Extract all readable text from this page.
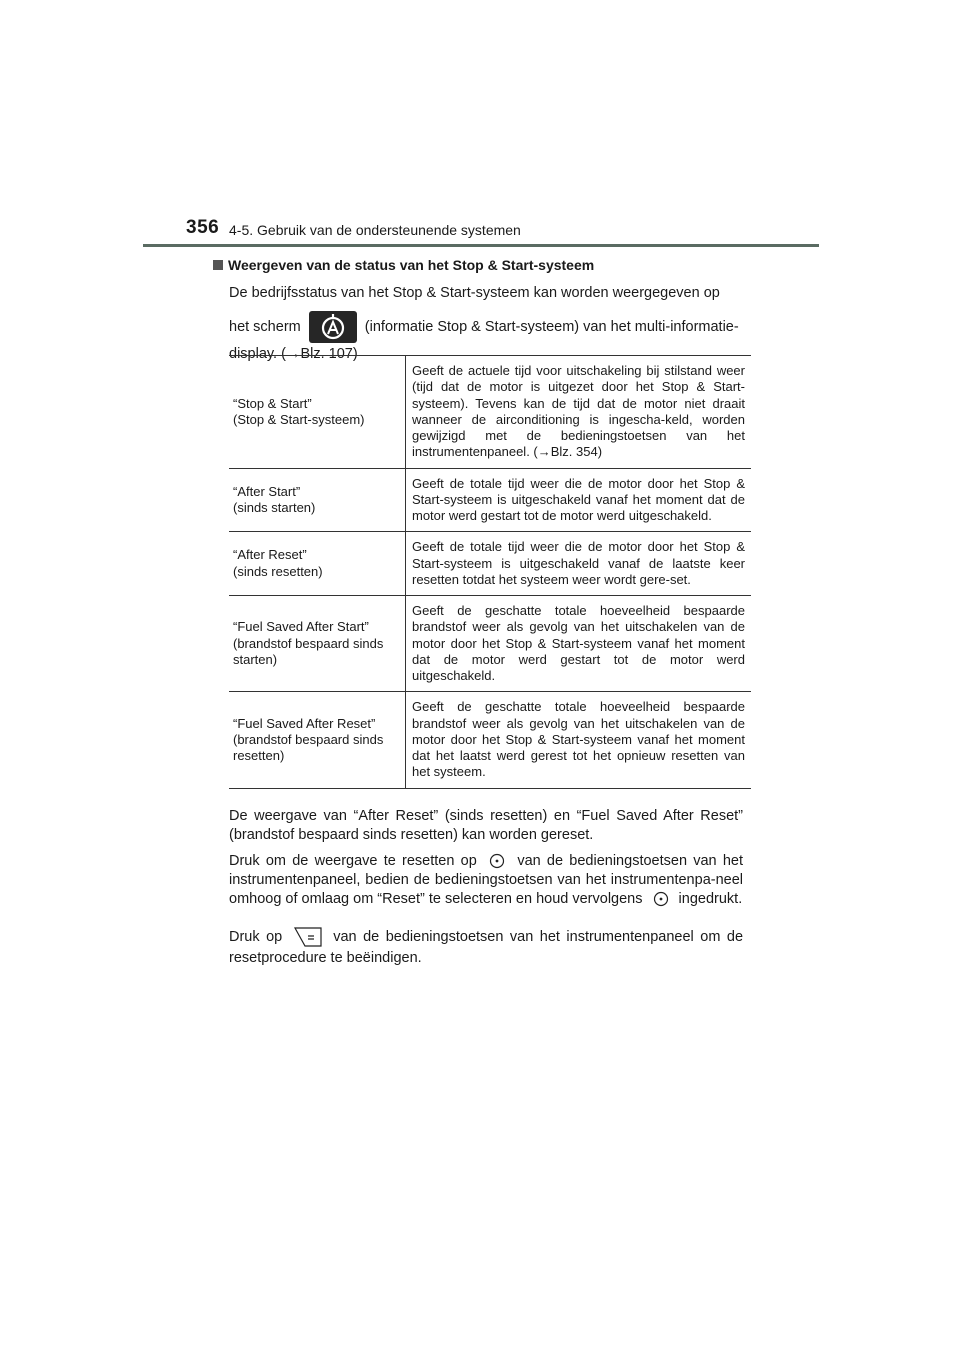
356 4-5. Gebruik van de ondersteunende systemen
Weergeven van de status van het Stop & Start-systeem
De bedrijfsstatus van het Stop & Start-systeem kan worden weergegeven op
het scherm	(informatie Stop & Start-systeem) van het multi-informatie-
display. (→Blz. 107)
“Stop & Start”
(Stop & Start-systeem)	Geeft de actuele tijd voor uitschakeling bij stilstand weer (tijd dat de motor is uitgezet door het Stop & Start-systeem). Tevens kan de tijd dat de motor niet draait wanneer de airconditioning is ingescha-keld, worden gewijzigd met de bedieningstoetsen van het instrumentenpaneel. (→Blz. 354)

“After Start”
(sinds starten)	Geeft de totale tijd weer die de motor door het Stop & Start-systeem is uitgeschakeld vanaf het moment dat de motor werd gestart tot de motor werd uitgeschakeld.

“After Reset”
(sinds resetten)	Geeft de totale tijd weer die de motor door het Stop & Start-systeem is uitgeschakeld vanaf de laatste keer resetten totdat het systeem weer wordt gere-set.

“Fuel Saved After Start”
(brandstof bespaard sinds starten)	Geeft de geschatte totale hoeveelheid bespaarde brandstof weer als gevolg van het uitschakelen van de motor door het Stop & Start-systeem vanaf het moment dat de motor werd gestart tot de motor werd uitgeschakeld.

“Fuel Saved After Reset”
(brandstof bespaard sinds resetten)	Geeft de geschatte totale hoeveelheid bespaarde brandstof weer als gevolg van het uitschakelen van de motor door het Stop & Start-systeem vanaf het moment dat het laatst werd gerest tot het opnieuw resetten van het systeem.
De weergave van “After Reset” (sinds resetten) en “Fuel Saved After Reset” (brandstof bespaard sinds resetten) kan worden gereset.
Druk om de weergave te resetten op	van de bedieningstoetsen van het instrumentenpaneel, bedien de bedieningstoetsen van het instrumentenpa-neel omhoog of omlaag om “Reset” te selecteren en houd vervolgens ingedrukt.
Druk op	van de bedieningstoetsen van het instrumentenpaneel om de resetprocedure te beëindigen.
